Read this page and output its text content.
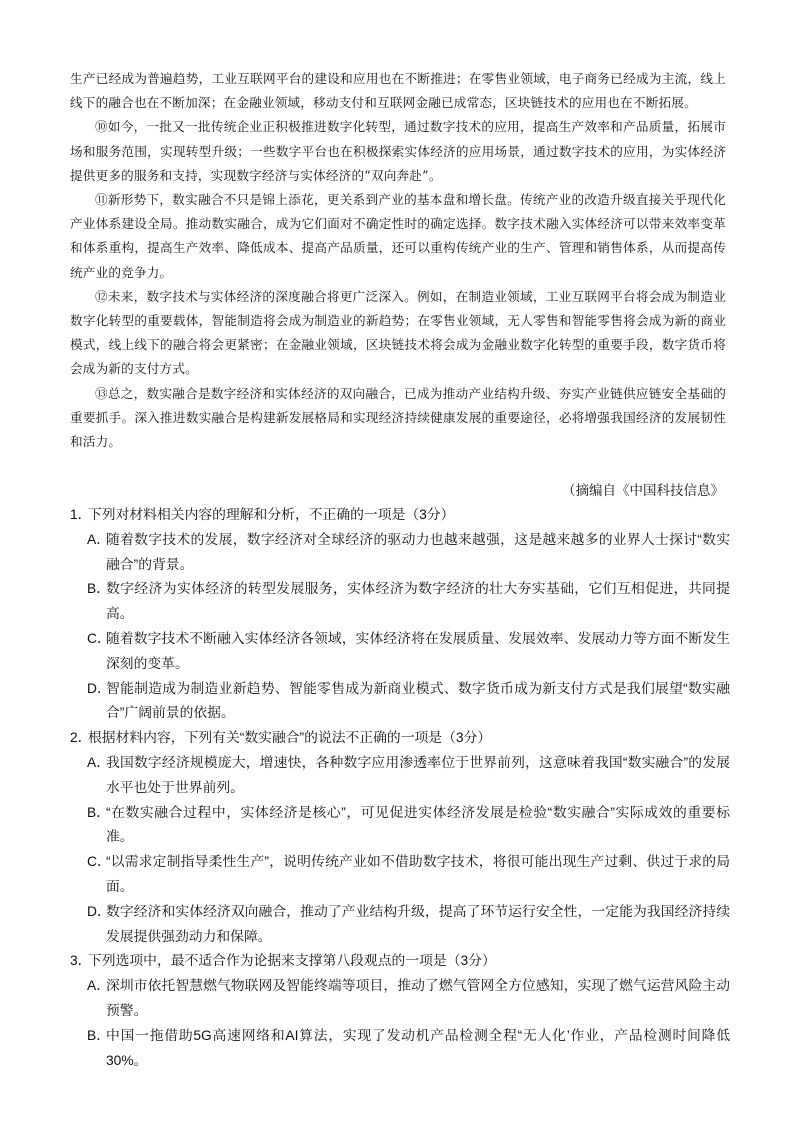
生产已经成为普遍趋势，工业互联网平台的建设和应用也在不断推进；在零售业领域，电子商务已经成为主流，线上线下的融合也在不断加深；在金融业领域，移动支付和互联网金融已成常态，区块链技术的应用也在不断拓展。

⑩如今，一批又一批传统企业正积极推进数字化转型，通过数字技术的应用，提高生产效率和产品质量，拓展市场和服务范围，实现转型升级；一些数字平台也在积极探索实体经济的应用场景，通过数字技术的应用，为实体经济提供更多的服务和支持，实现数字经济与实体经济的“双向奔赴”。

⑪新形势下，数实融合不只是锦上添花，更关系到产业的基本盘和增长盘。传统产业的改造升级直接关乎现代化产业体系建设全局。推动数实融合，成为它们面对不确定性时的确定选择。数字技术融入实体经济可以带来效率变革和体系重构，提高生产效率、降低成本、提高产品质量，还可以重构传统产业的生产、管理和销售体系，从而提高传统产业的竞争力。

⑫未来，数字技术与实体经济的深度融合将更广泛深入。例如，在制造业领域，工业互联网平台将会成为制造业数字化转型的重要载体，智能制造将会成为制造业的新趋势；在零售业领域，无人零售和智能零售将会成为新的商业模式，线上线下的融合将会更紧密；在金融业领域，区块链技术将会成为金融业数字化转型的重要手段，数字货币将会成为新的支付方式。

⑬总之，数实融合是数字经济和实体经济的双向融合，已成为推动产业结构升级、夯实产业链供应链安全基础的重要抓手。深入推进数实融合是构建新发展格局和实现经济持续健康发展的重要途径，必将增强我国经济的发展韧性和活力。

（摘编自《中国科技信息》
1．
下列对材料相关内容的理解和分析，不正确的一项是（3分）
A．
随着数字技术的发展，数字经济对全球经济的驱动力也越来越强，这是越来越多的业界人士探讨“数实融合”的背景。
B．
数字经济为实体经济的转型发展服务，实体经济为数字经济的壮大夯实基础，它们互相促进，共同提高。
C．
随着数字技术不断融入实体经济各领域，实体经济将在发展质量、发展效率、发展动力等方面不断发生深刻的变革。
D．
智能制造成为制造业新趋势、智能零售成为新商业模式、数字货币成为新支付方式是我们展望“数实融合”广阔前景的依据。
2．
根据材料内容，下列有关“数实融合”的说法不正确的一项是（3分）
A．
我国数字经济规模庞大，增速快，各种数字应用渗透率位于世界前列，这意味着我国“数实融合”的发展水平也处于世界前列。
B．
“在数实融合过程中，实体经济是核心”，可见促进实体经济发展是检验“数实融合”实际成效的重要标准。
C．
“以需求定制指导柔性生产”，说明传统产业如不借助数字技术，将很可能出现生产过剩、供过于求的局面。
D．
数字经济和实体经济双向融合，推动了产业结构升级，提高了环节运行安全性，一定能为我国经济持续发展提供强劲动力和保障。
3．
下列选项中，最不适合作为论据来支撑第八段观点的一项是（3分）
A．
深圳市依托智慧燃气物联网及智能终端等项目，推动了燃气管网全方位感知，实现了燃气运营风险主动预警。
B．
中国一拖借助5G高速网络和AI算法，实现了发动机产品检测全程“无人化’作业，产品检测时间降低30%。
